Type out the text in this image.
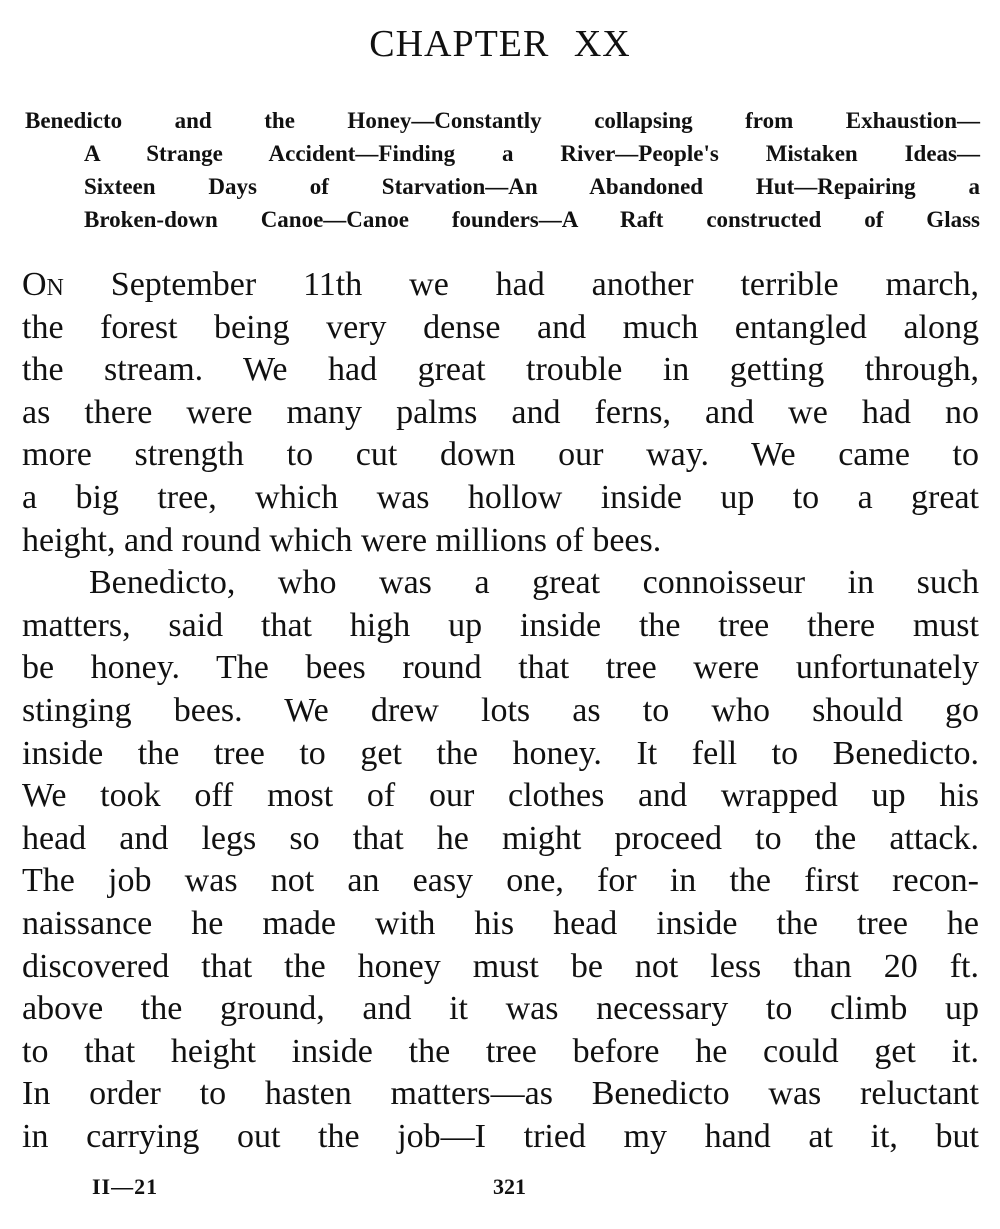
CHAPTER XX
Benedicto and the Honey—Constantly collapsing from Exhaustion—
A Strange Accident—Finding a River—People's Mistaken Ideas—
Sixteen Days of Starvation—An Abandoned Hut—Repairing a
Broken-down Canoe—Canoe founders—A Raft constructed of Glass
On September 11th we had another terrible march,
the forest being very dense and much entangled along
the stream. We had great trouble in getting through,
as there were many palms and ferns, and we had no
more strength to cut down our way. We came to
a big tree, which was hollow inside up to a great
height, and round which were millions of bees.
Benedicto, who was a great connoisseur in such
matters, said that high up inside the tree there must
be honey. The bees round that tree were unfortunately
stinging bees. We drew lots as to who should go
inside the tree to get the honey. It fell to Benedicto.
We took off most of our clothes and wrapped up his
head and legs so that he might proceed to the attack.
The job was not an easy one, for in the first recon-
naissance he made with his head inside the tree he
discovered that the honey must be not less than 20 ft.
above the ground, and it was necessary to climb up
to that height inside the tree before he could get it.
In order to hasten matters—as Benedicto was reluctant
in carrying out the job—I tried my hand at it, but
II—21	321
